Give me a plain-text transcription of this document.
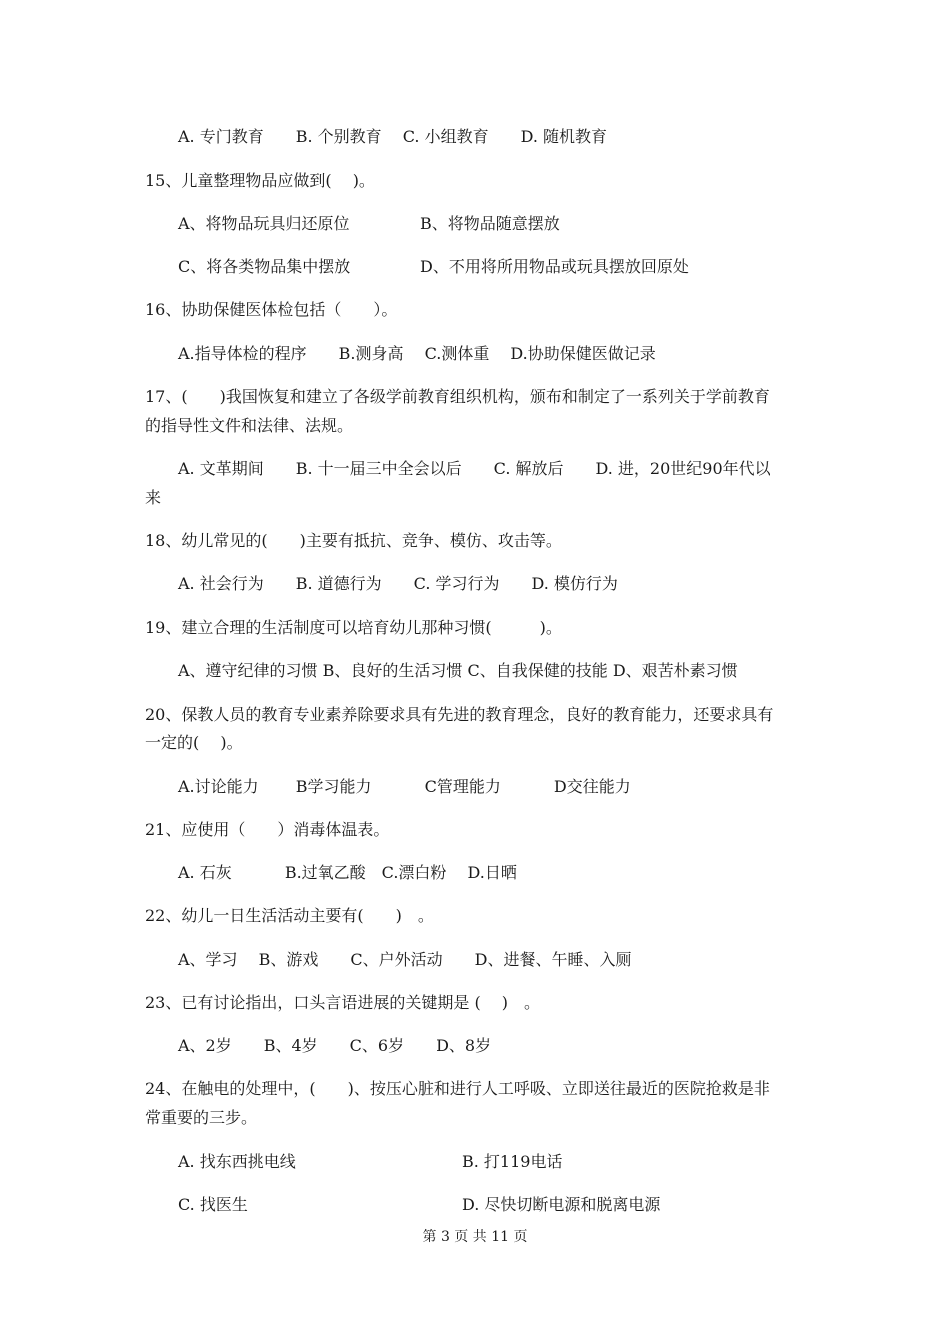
A. 专门教育　　B. 个别教育　 C. 小组教育　　D. 随机教育
15、儿童整理物品应做到(　 )。
A、将物品玩具归还原位	B、将物品随意摆放
C、将各类物品集中摆放	D、不用将所用物品或玩具摆放回原处
16、协助保健医体检包括（　　）。
A.指导体检的程序　　B.测身高　 C.测体重　 D.协助保健医做记录
17、(　　)我国恢复和建立了各级学前教育组织机构，颁布和制定了一系列关于学前教育
的指导性文件和法律、法规。
A. 文革期间　　B. 十一届三中全会以后　　C. 解放后　　D. 进，20世纪90年代以
来
18、幼儿常见的(　　)主要有抵抗、竞争、模仿、攻击等。
A. 社会行为　　B. 道德行为　　C. 学习行为　　D. 模仿行为
19、建立合理的生活制度可以培育幼儿那种习惯(　　　)。
A、遵守纪律的习惯 B、良好的生活习惯 C、自我保健的技能 D、艰苦朴素习惯
20、保教人员的教育专业素养除要求具有先进的教育理念，良好的教育能力，还要求具有
一定的(　 )。
A.讨论能力　　 B学习能力　　　 C管理能力　　　 D交往能力
21、应使用（　　）消毒体温表。
A. 石灰　　　 B.过氧乙酸　C.漂白粉　 D.日晒
22、幼儿一日生活活动主要有(　　)　。
A、学习　 B、游戏　　C、户外活动　　D、进餐、午睡、入厕
23、已有讨论指出，口头言语进展的关键期是 (　 )　。
A、2岁　　B、4岁　　C、6岁　　D、8岁
24、在触电的处理中，(　　)、按压心脏和进行人工呼吸、立即送往最近的医院抢救是非
常重要的三步。
A. 找东西挑电线	B. 打119电话
C. 找医生	D. 尽快切断电源和脱离电源
第 3 页 共 11 页
